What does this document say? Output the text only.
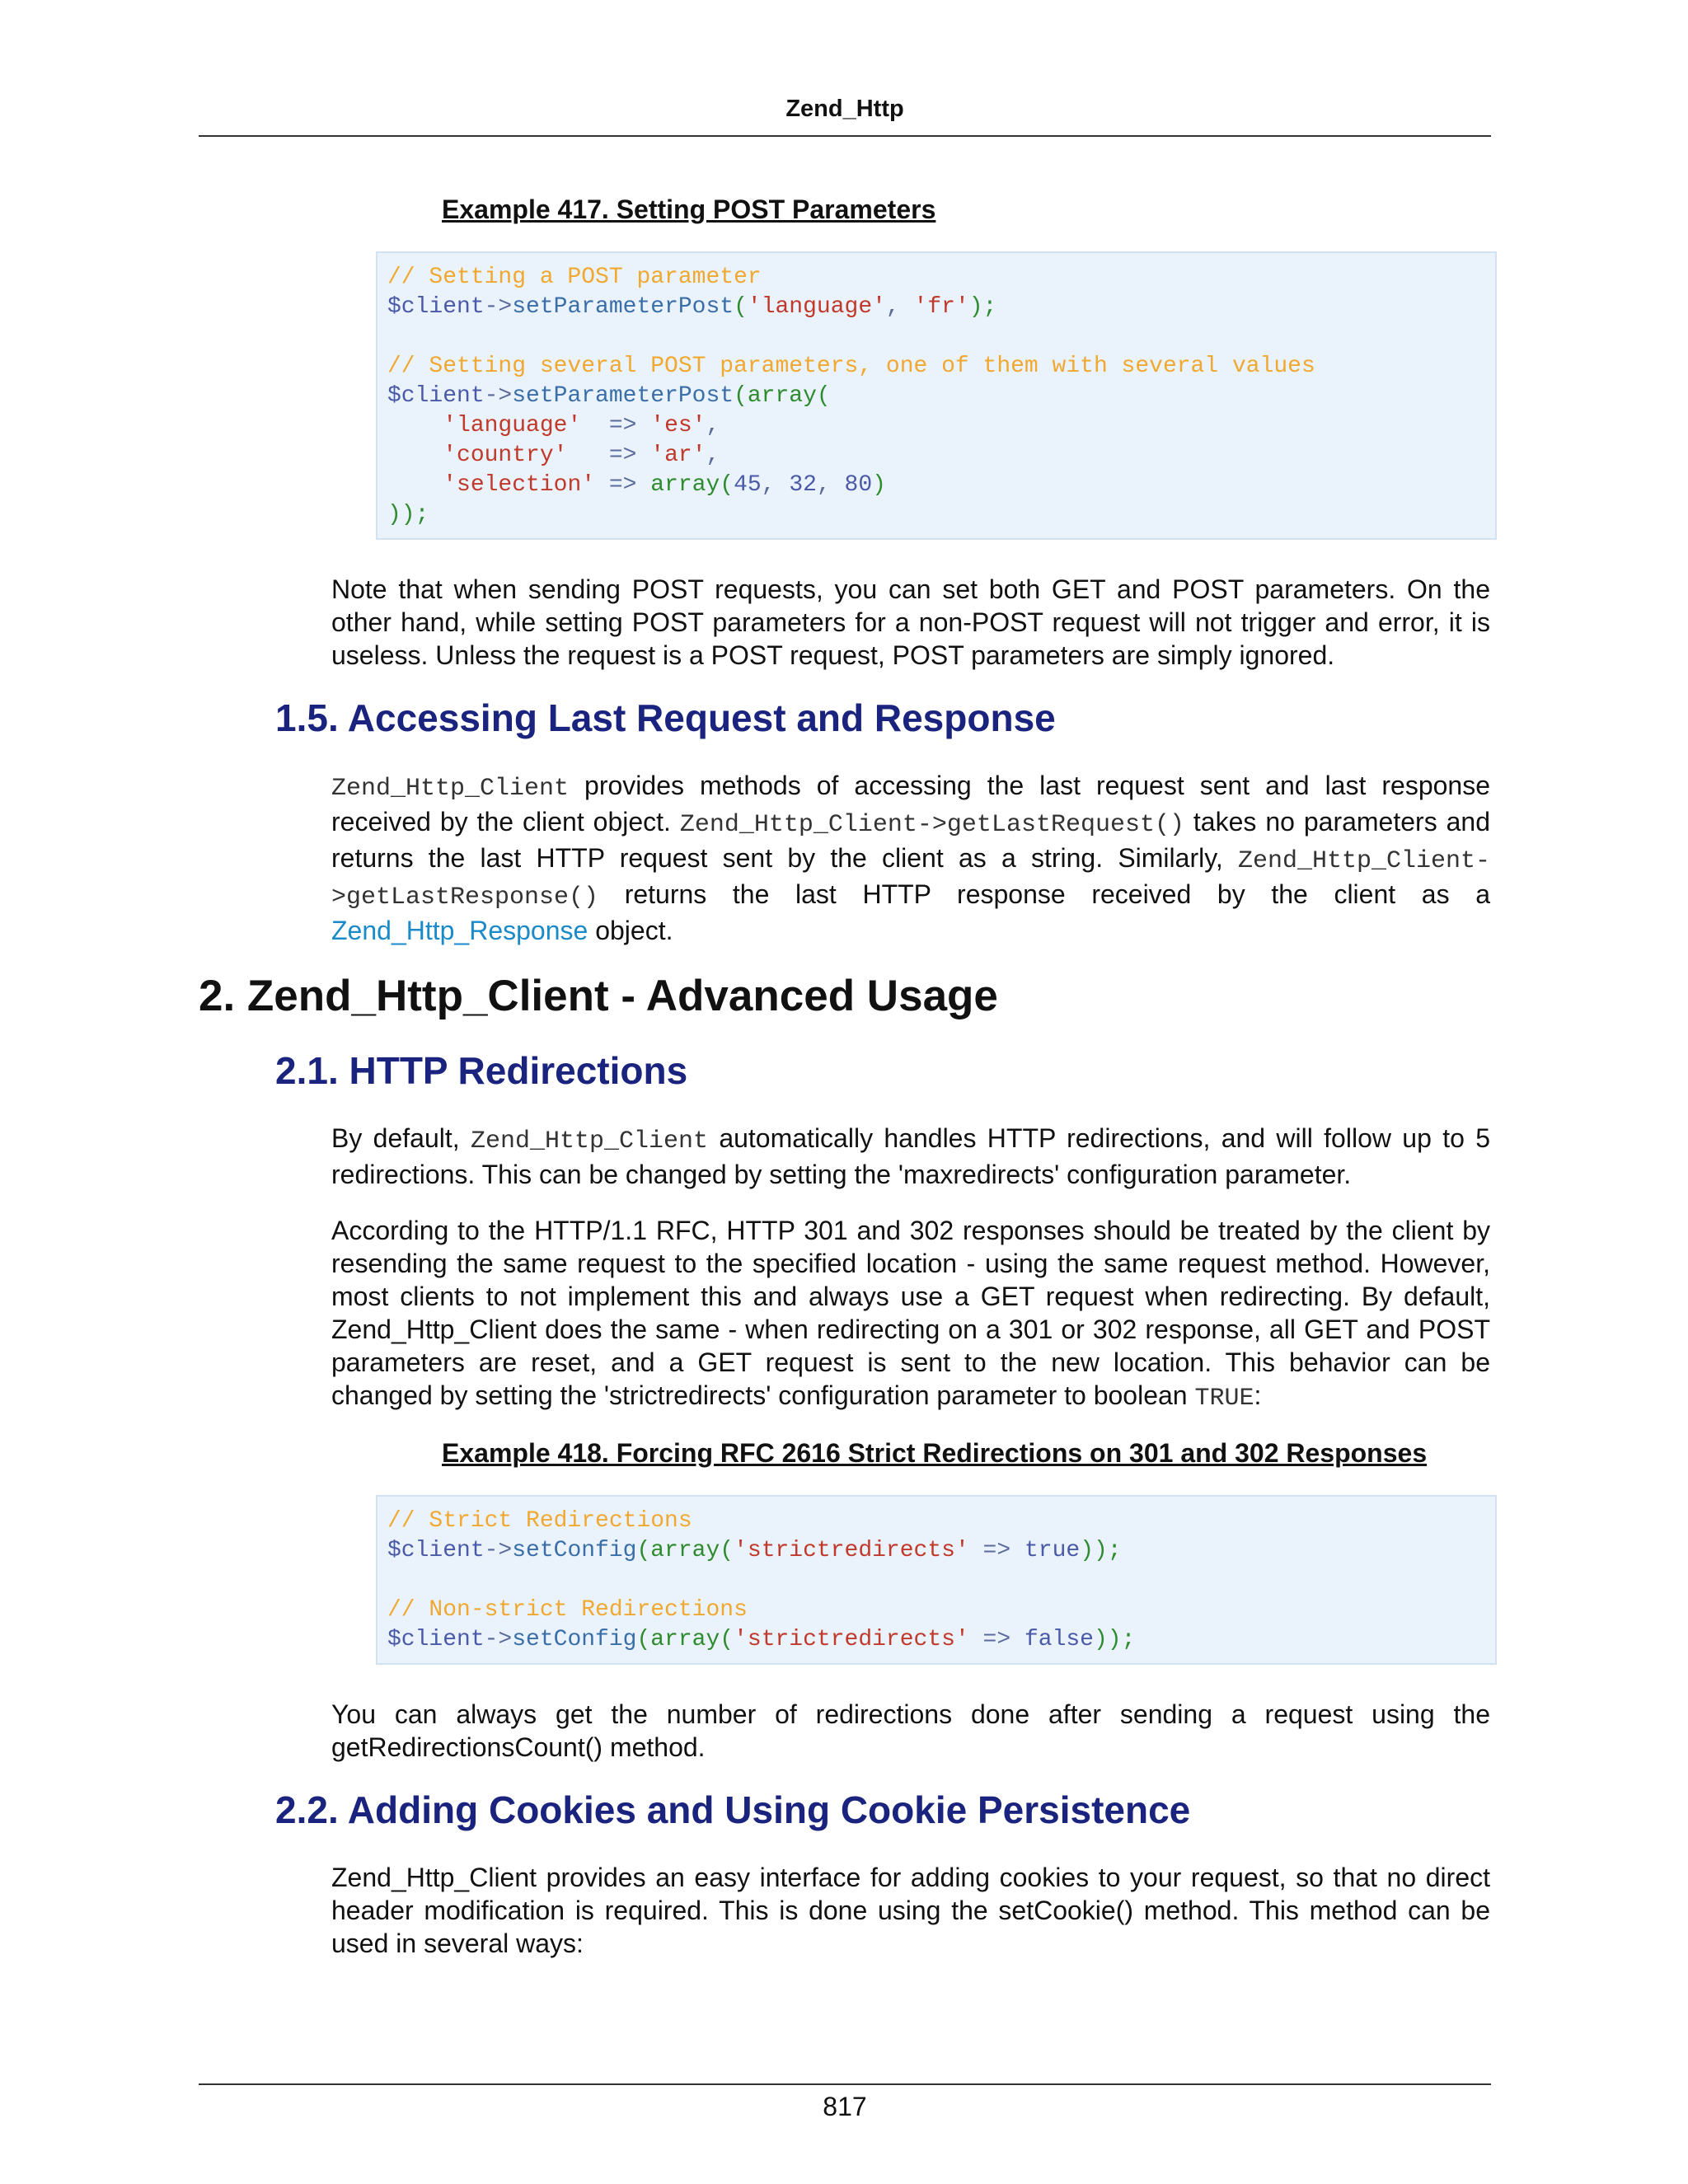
Zend_Http
Example 417. Setting POST Parameters
// Setting a POST parameter
$client->setParameterPost('language', 'fr');
// Setting several POST parameters, one of them with several values
$client->setParameterPost(array(
'language'  => 'es',
'country'   => 'ar',
'selection' => array(45, 32, 80)
));

Note that when sending POST requests, you can set both GET and POST parameters. On the other hand, while setting POST parameters for a non-POST request will not trigger and error, it is useless. Unless the request is a POST request, POST parameters are simply ignored.

1.5. Accessing Last Request and Response

Zend_Http_Client provides methods of accessing the last request sent and last response received by the client object. Zend_Http_Client->getLastRequest() takes no parameters and returns the last HTTP request sent by the client as a string. Similarly, Zend_Http_Client->getLastResponse() returns the last HTTP response received by the client as a Zend_Http_Response object.

2. Zend_Http_Client - Advanced Usage
2.1. HTTP Redirections

By default, Zend_Http_Client automatically handles HTTP redirections, and will follow up to 5 redirections. This can be changed by setting the 'maxredirects' configuration parameter.

According to the HTTP/1.1 RFC, HTTP 301 and 302 responses should be treated by the client by resending the same request to the specified location - using the same request method. However, most clients to not implement this and always use a GET request when redirecting. By default, Zend_Http_Client does the same - when redirecting on a 301 or 302 response, all GET and POST parameters are reset, and a GET request is sent to the new location. This behavior can be changed by setting the 'strictredirects' configuration parameter to boolean TRUE:

Example 418. Forcing RFC 2616 Strict Redirections on 301 and 302 Responses
// Strict Redirections
$client->setConfig(array('strictredirects' => true));
// Non-strict Redirections
$client->setConfig(array('strictredirects' => false));

You can always get the number of redirections done after sending a request using the getRedirectionsCount() method.

2.2. Adding Cookies and Using Cookie Persistence

Zend_Http_Client provides an easy interface for adding cookies to your request, so that no direct header modification is required. This is done using the setCookie() method. This method can be used in several ways:

817
